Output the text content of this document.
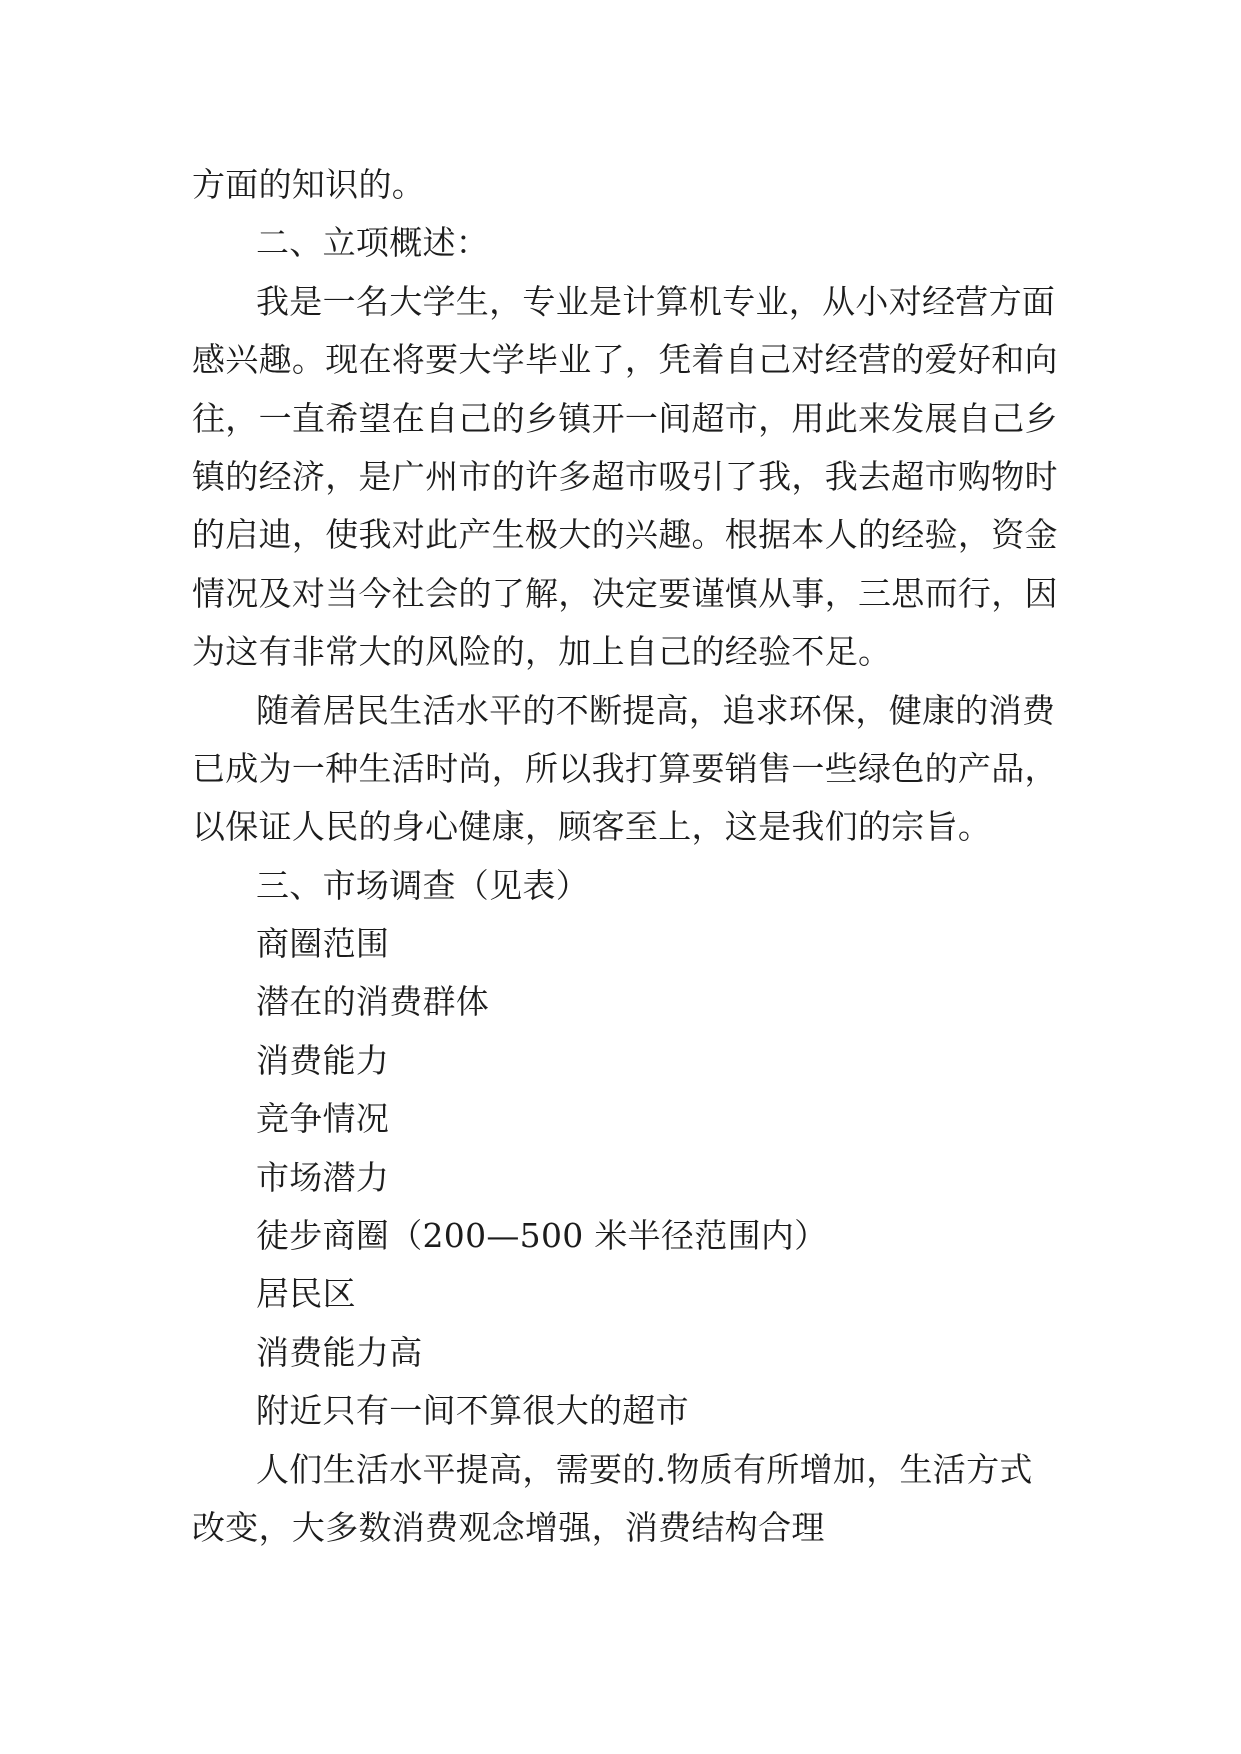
方面的知识的。
二、立项概述：
我是一名大学生，专业是计算机专业，从小对经营方面
感兴趣。现在将要大学毕业了，凭着自己对经营的爱好和向
往，一直希望在自己的乡镇开一间超市，用此来发展自己乡
镇的经济，是广州市的许多超市吸引了我，我去超市购物时
的启迪，使我对此产生极大的兴趣。根据本人的经验，资金
情况及对当今社会的了解，决定要谨慎从事，三思而行，因
为这有非常大的风险的，加上自己的经验不足。
随着居民生活水平的不断提高，追求环保，健康的消费
已成为一种生活时尚，所以我打算要销售一些绿色的产品，
以保证人民的身心健康，顾客至上，这是我们的宗旨。
三、市场调查（见表）
商圈范围
潜在的消费群体
消费能力
竞争情况
市场潜力
徒步商圈（200—500 米半径范围内）
居民区
消费能力高
附近只有一间不算很大的超市
人们生活水平提高，需要的.物质有所增加，生活方式
改变，大多数消费观念增强，消费结构合理
